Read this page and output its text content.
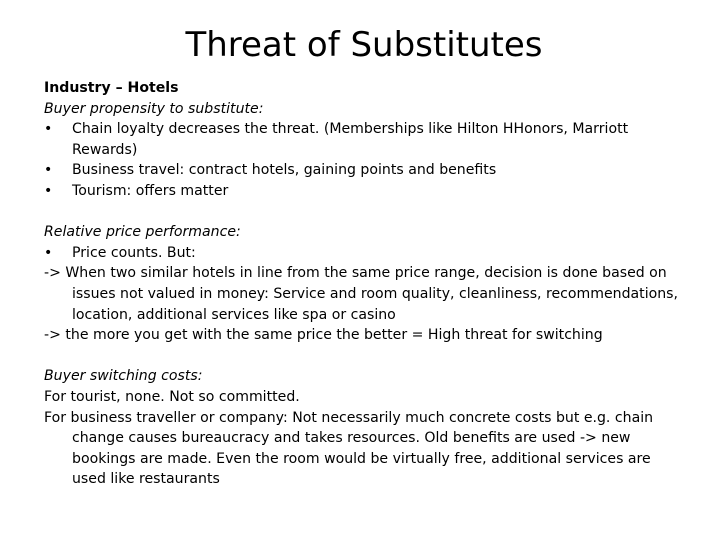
Threat of Substitutes
Industry – Hotels
Buyer propensity to substitute:
• Chain loyalty decreases the threat. (Memberships like Hilton HHonors, Marriott Rewards)
• Business travel: contract hotels, gaining points and benefits
• Tourism: offers matter
Relative price performance:
• Price counts. But:
-> When two similar hotels in line from the same price range, decision is done based on issues not valued in money: Service and room quality, cleanliness, recommendations, location, additional services like spa or casino
-> the more you get with the same price the better = High threat for switching
Buyer switching costs:
For tourist, none. Not so committed.
For business traveller or company: Not necessarily much concrete costs but e.g. chain change causes bureaucracy and takes resources. Old benefits are used -> new bookings are made. Even the room would be virtually free, additional services are used like restaurants
